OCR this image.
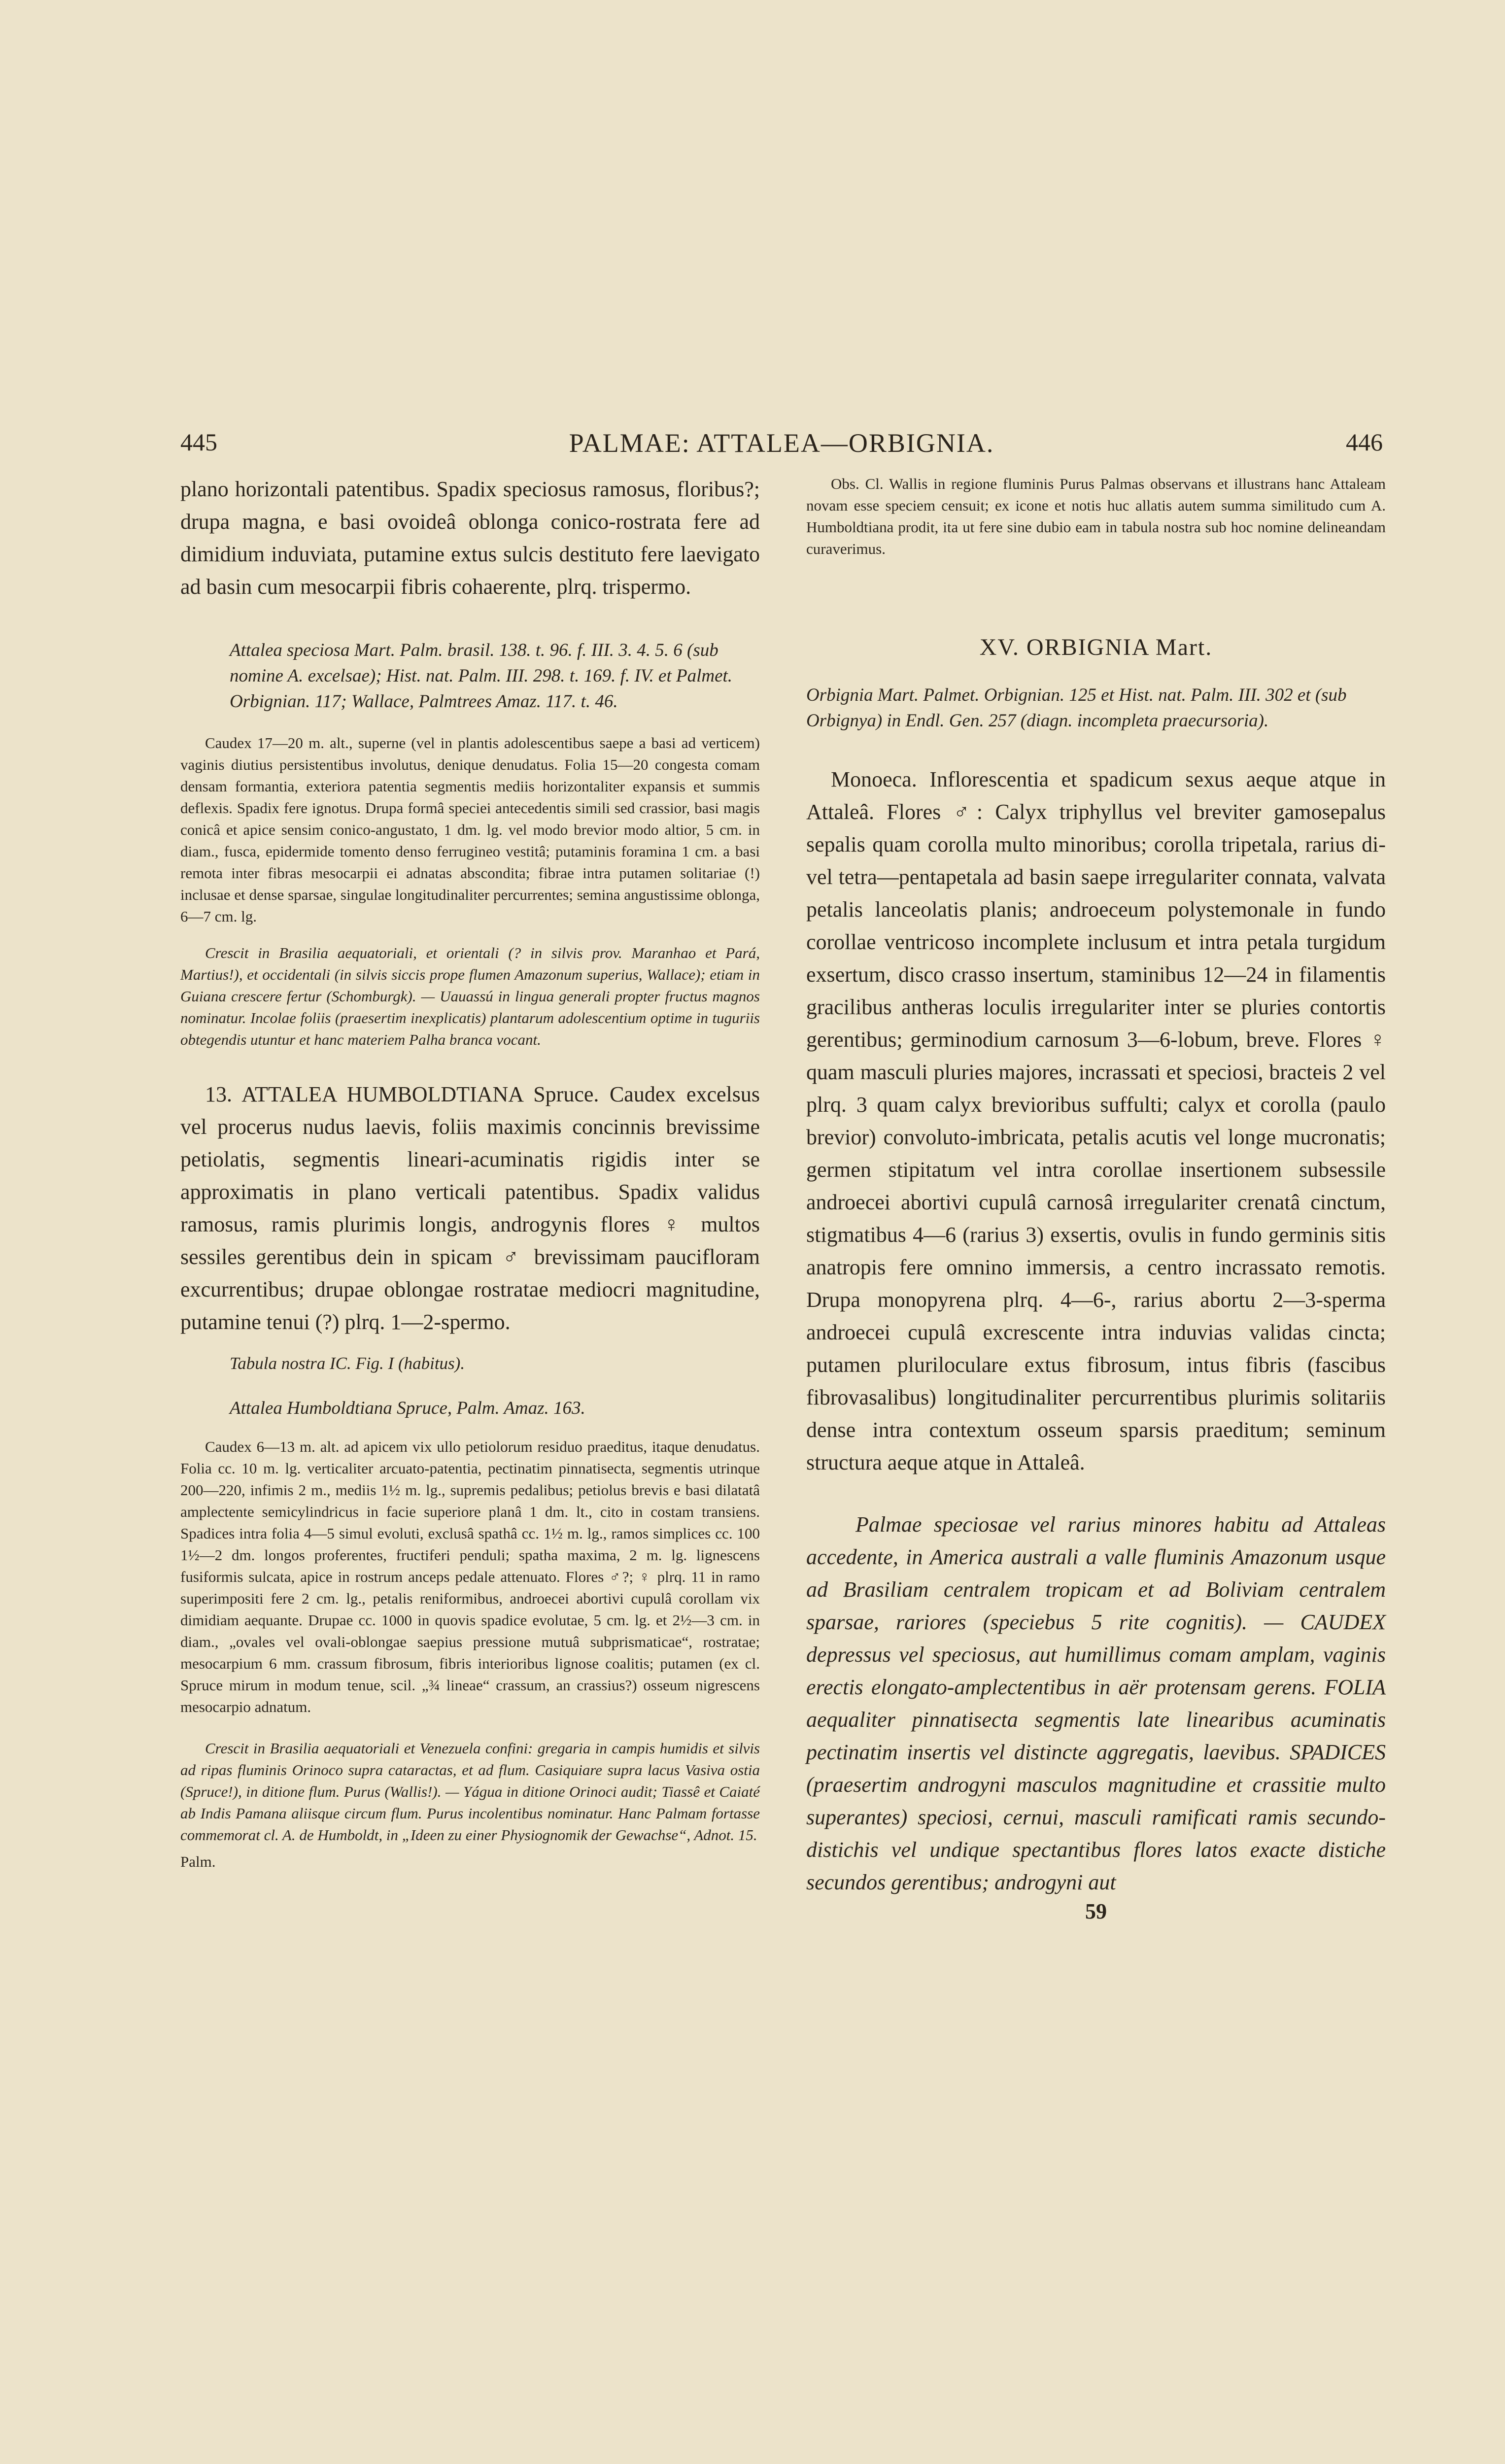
445	PALMAE: ATTALEA—ORBIGNIA.	446

plano horizontali patentibus. Spadix speciosus ramosus, floribus?; drupa magna, e basi ovoideâ oblonga conico-rostrata fere ad dimidium induviata, putamine extus sulcis destituto fere laevigato ad basin cum mesocarpii fibris cohaerente, plrq. trispermo.

Attalea speciosa Mart. Palm. brasil. 138. t. 96. f. III. 3. 4. 5. 6 (sub nomine A. excelsae); Hist. nat. Palm. III. 298. t. 169. f. IV. et Palmet. Orbignian. 117; Wallace, Palmtrees Amaz. 117. t. 46.

Caudex 17—20 m. alt., superne (vel in plantis adolescentibus saepe a basi ad verticem) vaginis diutius persistentibus involutus, denique denudatus. Folia 15—20 congesta comam densam formantia, exteriora patentia segmentis mediis horizontaliter expansis et summis deflexis. Spadix fere ignotus. Drupa formâ speciei antecedentis simili sed crassior, basi magis conicâ et apice sensim conico-angustato, 1 dm. lg. vel modo brevior modo altior, 5 cm. in diam., fusca, epidermide tomento denso ferrugineo vestitâ; putaminis foramina 1 cm. a basi remota inter fibras mesocarpii ei adnatas abscondita; fibrae intra putamen solitariae (!) inclusae et dense sparsae, singulae longitudinaliter percurrentes; semina angustissime oblonga, 6—7 cm. lg.

Crescit in Brasilia aequatoriali, et orientali (? in silvis prov. Maranhao et Pará, Martius!), et occidentali (in silvis siccis prope flumen Amazonum superius, Wallace); etiam in Guiana crescere fertur (Schomburgk). — Uauassú in lingua generali propter fructus magnos nominatur. Incolae foliis (praesertim inexplicatis) plantarum adolescentium optime in tuguriis obtegendis utuntur et hanc materiem Palha branca vocant.

13. ATTALEA HUMBOLDTIANA Spruce. Caudex excelsus vel procerus nudus laevis, foliis maximis concinnis brevissime petiolatis, segmentis lineari-acuminatis rigidis inter se approximatis in plano verticali patentibus. Spadix validus ramosus, ramis plurimis longis, androgynis flores ♀ multos sessiles gerentibus dein in spicam ♂ brevissimam paucifloram excurrentibus; drupae oblongae rostratae mediocri magnitudine, putamine tenui (?) plrq. 1—2-spermo.

Tabula nostra IC. Fig. I (habitus).

Attalea Humboldtiana Spruce, Palm. Amaz. 163.

Caudex 6—13 m. alt. ad apicem vix ullo petiolorum residuo praeditus, itaque denudatus. Folia cc. 10 m. lg. verticaliter arcuato-patentia, pectinatim pinnatisecta, segmentis utrinque 200—220, infimis 2 m., mediis 1½ m. lg., supremis pedalibus; petiolus brevis e basi dilatatâ amplectente semicylindricus in facie superiore planâ 1 dm. lt., cito in costam transiens. Spadices intra folia 4—5 simul evoluti, exclusâ spathâ cc. 1½ m. lg., ramos simplices cc. 100 1½—2 dm. longos proferentes, fructiferi penduli; spatha maxima, 2 m. lg. lignescens fusiformis sulcata, apice in rostrum anceps pedale attenuato. Flores ♂?; ♀ plrq. 11 in ramo superimpositi fere 2 cm. lg., petalis reniformibus, androecei abortivi cupulâ corollam vix dimidiam aequante. Drupae cc. 1000 in quovis spadice evolutae, 5 cm. lg. et 2½—3 cm. in diam., „ovales vel ovali-oblongae saepius pressione mutuâ subprismaticae“, rostratae; mesocarpium 6 mm. crassum fibrosum, fibris interioribus lignose coalitis; putamen (ex cl. Spruce mirum in modum tenue, scil. „¾ lineae“ crassum, an crassius?) osseum nigrescens mesocarpio adnatum.

Crescit in Brasilia aequatoriali et Venezuela confini: gregaria in campis humidis et silvis ad ripas fluminis Orinoco supra cataractas, et ad flum. Casiquiare supra lacus Vasiva ostia (Spruce!), in ditione flum. Purus (Wallis!). — Yágua in ditione Orinoci audit; Tiassê et Caiaté ab Indis Pamana aliisque circum flum. Purus incolentibus nominatur. Hanc Palmam fortasse commemorat cl. A. de Humboldt, in „Ideen zu einer Physiognomik der Gewachse“, Adnot. 15.

Palm.

Obs. Cl. Wallis in regione fluminis Purus Palmas observans et illustrans hanc Attaleam novam esse speciem censuit; ex icone et notis huc allatis autem summa similitudo cum A. Humboldtiana prodit, ita ut fere sine dubio eam in tabula nostra sub hoc nomine delineandam curaverimus.

XV. ORBIGNIA Mart.

Orbignia Mart. Palmet. Orbignian. 125 et Hist. nat. Palm. III. 302 et (sub Orbignya) in Endl. Gen. 257 (diagn. incompleta praecursoria).

Monoeca. Inflorescentia et spadicum sexus aeque atque in Attaleâ. Flores ♂: Calyx triphyllus vel breviter gamosepalus sepalis quam corolla multo minoribus; corolla tripetala, rarius di- vel tetra—pentapetala ad basin saepe irregulariter connata, valvata petalis lanceolatis planis; androeceum polystemonale in fundo corollae ventricoso incomplete inclusum et intra petala turgidum exsertum, disco crasso insertum, staminibus 12—24 in filamentis gracilibus antheras loculis irregulariter inter se pluries contortis gerentibus; germinodium carnosum 3—6-lobum, breve. Flores ♀ quam masculi pluries majores, incrassati et speciosi, bracteis 2 vel plrq. 3 quam calyx brevioribus suffulti; calyx et corolla (paulo brevior) convoluto-imbricata, petalis acutis vel longe mucronatis; germen stipitatum vel intra corollae insertionem subsessile androecei abortivi cupulâ carnosâ irregulariter crenatâ cinctum, stigmatibus 4—6 (rarius 3) exsertis, ovulis in fundo germinis sitis anatropis fere omnino immersis, a centro incrassato remotis. Drupa monopyrena plrq. 4—6-, rarius abortu 2—3-sperma androecei cupulâ excrescente intra induvias validas cincta; putamen pluriloculare extus fibrosum, intus fibris (fascibus fibrovasalibus) longitudinaliter percurrentibus plurimis solitariis dense intra contextum osseum sparsis praeditum; seminum structura aeque atque in Attaleâ.

Palmae speciosae vel rarius minores habitu ad Attaleas accedente, in America australi a valle fluminis Amazonum usque ad Brasiliam centralem tropicam et ad Boliviam centralem sparsae, rariores (speciebus 5 rite cognitis). — CAUDEX depressus vel speciosus, aut humillimus comam amplam, vaginis erectis elongato-amplectentibus in aër protensam gerens. FOLIA aequaliter pinnatisecta segmentis late linearibus acuminatis pectinatim insertis vel distincte aggregatis, laevibus. SPADICES (praesertim androgyni masculos magnitudine et crassitie multo superantes) speciosi, cernui, masculi ramificati ramis secundo-distichis vel undique spectantibus flores latos exacte distiche secundos gerentibus; androgyni aut

59
